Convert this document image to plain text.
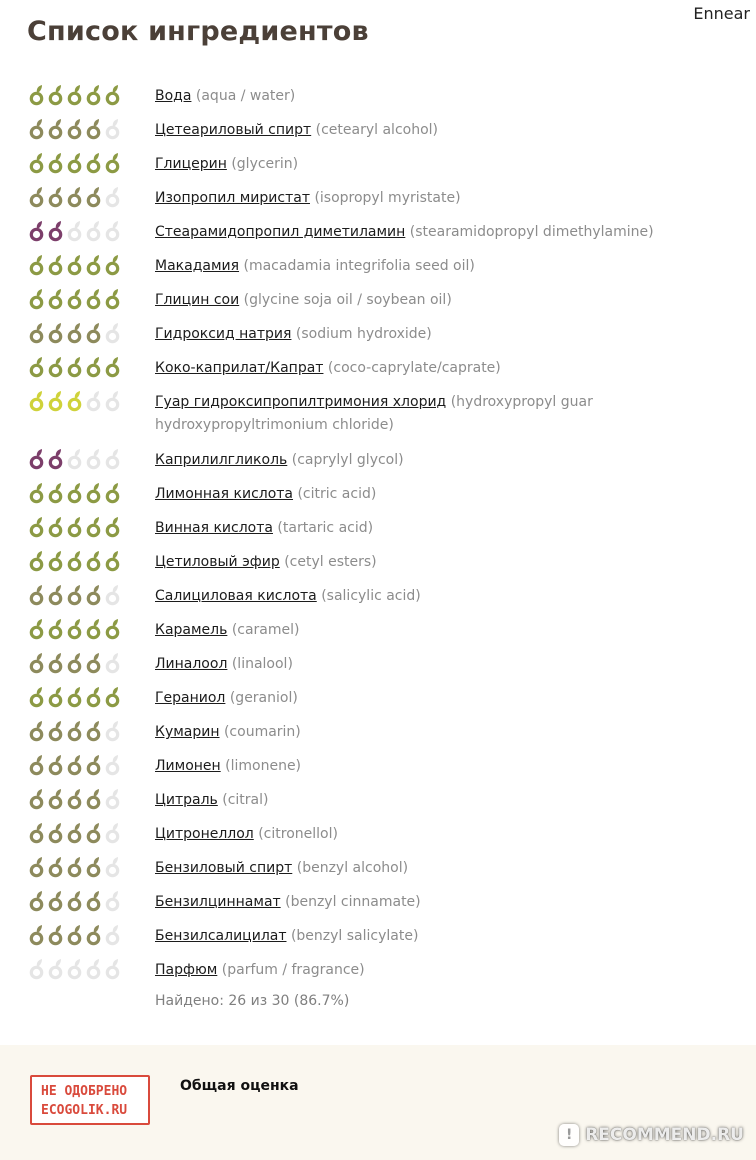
Ennear
Список ингредиентов
Вода (aqua / water)
Цетеариловый спирт (cetearyl alcohol)
Глицерин (glycerin)
Изопропил миристат (isopropyl myristate)
Стеарамидопропил диметиламин (stearamidopropyl dimethylamine)
Макадамия (macadamia integrifolia seed oil)
Глицин сои (glycine soja oil / soybean oil)
Гидроксид натрия (sodium hydroxide)
Коко-каприлат/Капрат (coco-caprylate/caprate)
Гуар гидроксипропилтримония хлорид (hydroxypropyl guar hydroxypropyltrimonium chloride)
Каприлилгликоль (caprylyl glycol)
Лимонная кислота (citric acid)
Винная кислота (tartaric acid)
Цетиловый эфир (cetyl esters)
Салициловая кислота (salicylic acid)
Карамель (caramel)
Линалоол (linalool)
Гераниол (geraniol)
Кумарин (coumarin)
Лимонен (limonene)
Цитраль (citral)
Цитронеллол (citronellol)
Бензиловый спирт (benzyl alcohol)
Бензилциннамат (benzyl cinnamate)
Бензилсалицилат (benzyl salicylate)
Парфюм (parfum / fragrance)
Найдено: 26 из 30 (86.7%)
НЕ ОДОБРЕНО
ECOGOLIK.RU
Общая оценка
! RECOMMEND.RU
